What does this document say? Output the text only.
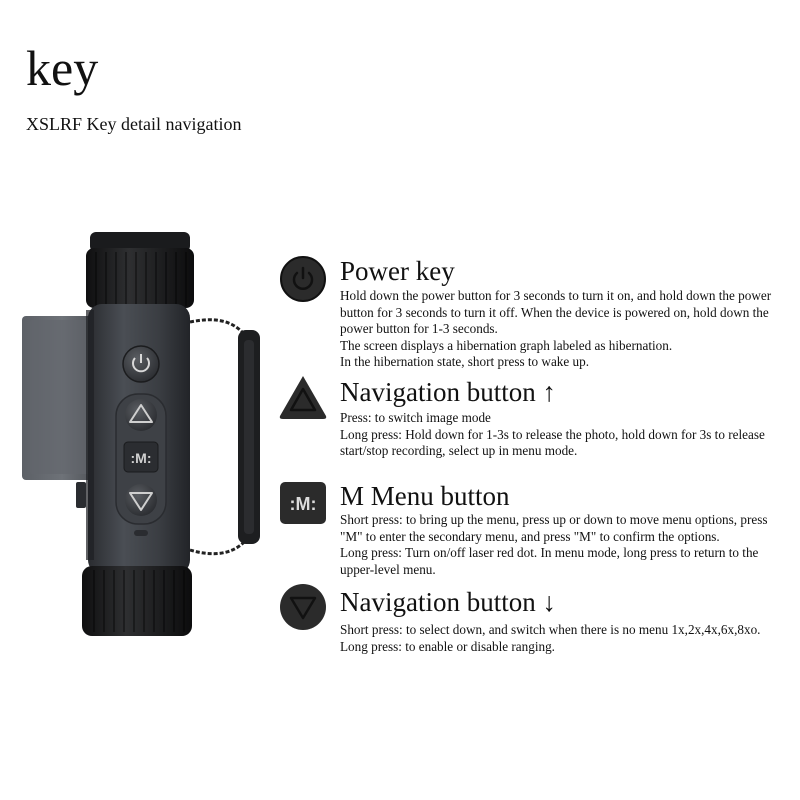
key
XSLRF Key detail navigation
:M:
Power key
Hold down the power button for 3 seconds to turn it on, and hold down the power button for 3 seconds to turn it off. When the device is powered on, hold down the power button for 1-3 seconds.
The screen displays a hibernation graph labeled as hibernation.
In the hibernation state, short press to wake up.
Navigation button ↑
Press: to switch image mode
Long press: Hold down for 1-3s to release the photo, hold down for 3s to release start/stop recording, select up in menu mode.
:M: M Menu button
Short press: to bring up the menu, press up or down to move menu options, press "M" to enter the secondary menu, and press "M" to confirm the options.
Long press: Turn on/off laser red dot. In menu mode, long press to return to the upper-level menu.
Navigation button ↓
Short press: to select down, and switch when there is no menu 1x,2x,4x,6x,8xo.
Long press: to enable or disable ranging.
